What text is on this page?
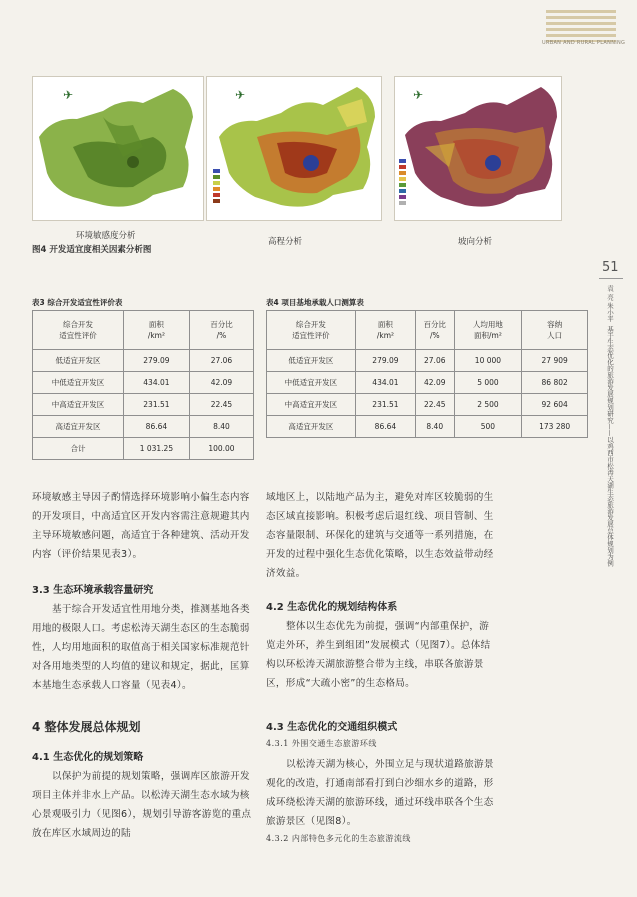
URBAN AND RURAL PLANNING
✈
环境敏感度分析
✈
高程分析
✈
坡向分析
图4 开发适宜度相关因素分析图
51
袁 亮 朱小平  基于生态优化的旅游发展规划研究——以鸡西市松涛天湖生态旅游发展总体规划为例
表3 综合开发适宜性评价表
综合开发
适宜性评价	面积
/km²	百分比
/%
低适宜开发区	279.09	27.06
中低适宜开发区	434.01	42.09
中高适宜开发区	231.51	22.45
高适宜开发区	86.64	8.40
合计	1 031.25	100.00
表4 项目基地承载人口测算表
综合开发
适宜性评价	面积
/km²	百分比
/%	人均用地
面积/m²	容纳
人口
低适宜开发区	279.09	27.06	10 000	27 909
中低适宜开发区	434.01	42.09	5 000	86 802
中高适宜开发区	231.51	22.45	2 500	92 604
高适宜开发区	86.64	8.40	500	173 280
环境敏感主导因子酌情选择环境影响小偏生态内容的开发项目，中高适宜区开发内容需注意规避其内主导环境敏感问题，高适宜于各种建筑、活动开发内容（评价结果见表3）。
3.3 生态环境承载容量研究
基于综合开发适宜性用地分类，推测基地各类用地的极限人口。考虑松涛天湖生态区的生态脆弱性，人均用地面积的取值高于相关国家标准规范针对各用地类型的人均值的建议和规定，据此，匡算本基地生态承载人口容量（见表4）。
4 整体发展总体规划
4.1 生态优化的规划策略
以保护为前提的规划策略，强调库区旅游开发项目主体并非水上产品。以松涛天湖生态水域为核心景观吸引力（见图6），规划引导游客游览的重点放在库区水域周边的陆
域地区上，以陆地产品为主，避免对库区较脆弱的生态区域直接影响。积极考虑后退红线、项目管制、生态容量限制、环保化的建筑与交通等一系列措施，在开发的过程中强化生态优化策略，以生态效益带动经济效益。
4.2 生态优化的规划结构体系
整体以生态优先为前提，强调“内部重保护，游览走外环，养生到组团”发展模式（见图7）。总体结构以环松涛天湖旅游整合带为主线，串联各旅游景区，形成“大疏小密”的生态格局。
4.3 生态优化的交通组织模式
4.3.1 外围交通生态旅游环线
以松涛天湖为核心，外围立足与现状道路旅游景观化的改造，打通南部看打到白沙细水乡的道路，形成环绕松涛天湖的旅游环线，通过环线串联各个生态旅游景区（见图8）。
4.3.2 内部特色多元化的生态旅游流线
